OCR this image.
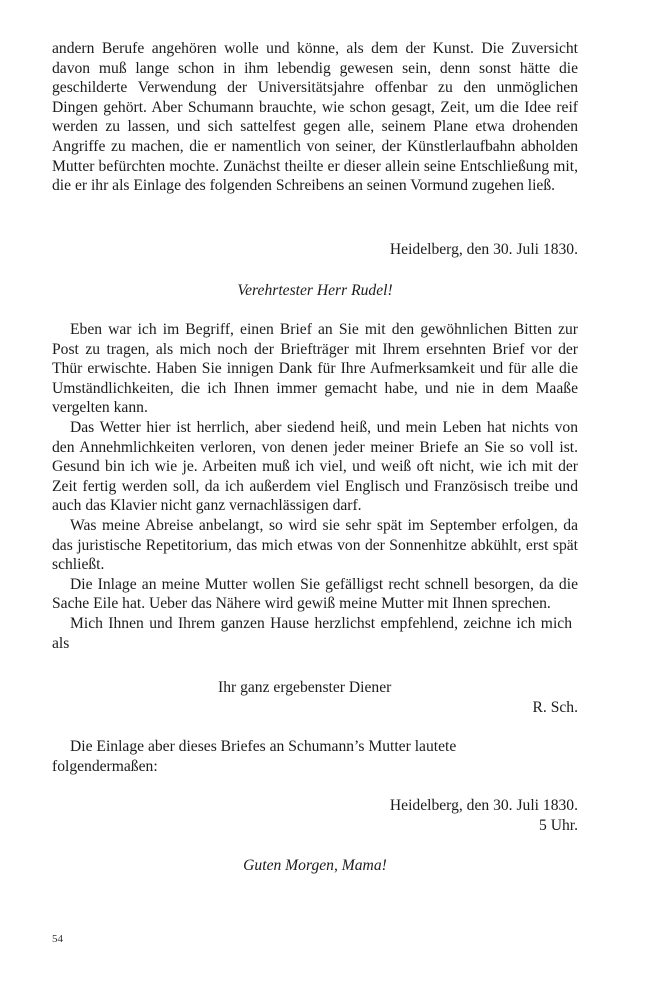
andern Berufe angehören wolle und könne, als dem der Kunst. Die Zuversicht davon muß lange schon in ihm lebendig gewesen sein, denn sonst hätte die geschilderte Verwendung der Universitätsjahre offenbar zu den unmöglichen Dingen gehört. Aber Schumann brauchte, wie schon gesagt, Zeit, um die Idee reif werden zu lassen, und sich sattelfest gegen alle, seinem Plane etwa drohenden Angriffe zu machen, die er namentlich von seiner, der Künstlerlaufbahn abholden Mutter befürchten mochte. Zunächst theilte er dieser allein seine Entschließung mit, die er ihr als Einlage des folgenden Schreibens an seinen Vormund zugehen ließ.

Heidelberg, den 30. Juli 1830.
Verehrtester Herr Rudel!

Eben war ich im Begriff, einen Brief an Sie mit den gewöhnlichen Bitten zur Post zu tragen, als mich noch der Briefträger mit Ihrem ersehnten Brief vor der Thür erwischte. Haben Sie innigen Dank für Ihre Aufmerksamkeit und für alle die Umständlichkeiten, die ich Ihnen immer gemacht habe, und nie in dem Maaße vergelten kann.

Das Wetter hier ist herrlich, aber siedend heiß, und mein Leben hat nichts von den Annehmlichkeiten verloren, von denen jeder meiner Briefe an Sie so voll ist. Gesund bin ich wie je. Arbeiten muß ich viel, und weiß oft nicht, wie ich mit der Zeit fertig werden soll, da ich außerdem viel Englisch und Französisch treibe und auch das Klavier nicht ganz vernachlässigen darf.

Was meine Abreise anbelangt, so wird sie sehr spät im September erfolgen, da das juristische Repetitorium, das mich etwas von der Sonnenhitze abkühlt, erst spät schließt.

Die Inlage an meine Mutter wollen Sie gefälligst recht schnell besorgen, da die Sache Eile hat. Ueber das Nähere wird gewiß meine Mutter mit Ihnen sprechen.

Mich Ihnen und Ihrem ganzen Hause herzlichst empfehlend, zeichne ich mich als

Ihr ganz ergebenster Diener
R. Sch.

Die Einlage aber dieses Briefes an Schumann’s Mutter lautete folgendermaßen:

Heidelberg, den 30. Juli 1830.
5 Uhr.
Guten Morgen, Mama!
54
